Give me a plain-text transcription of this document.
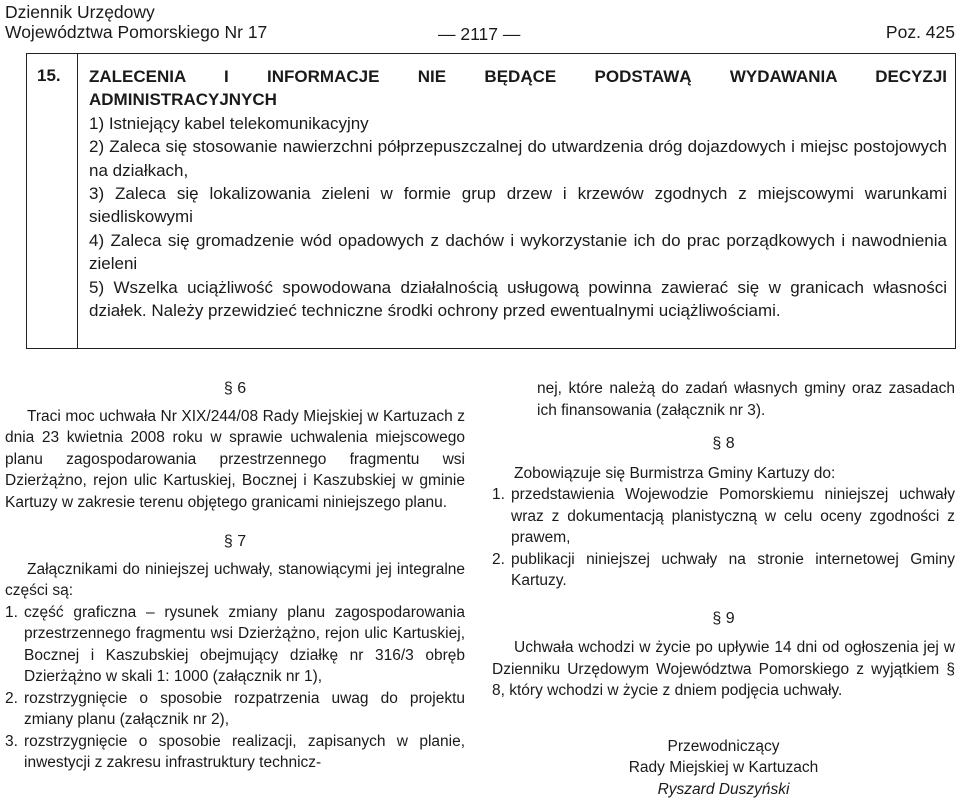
Dziennik Urzędowy
Województwa Pomorskiego Nr 17	— 2117 —	Poz. 425
15. ZALECENIA I INFORMACJE NIE BĘDĄCE PODSTAWĄ WYDAWANIA DECYZJI
ADMINISTRACYJNYCH

1) Istniejący kabel telekomunikacyjny

2) Zaleca się stosowanie nawierzchni półprzepuszczalnej do utwardzenia dróg dojazdowych i miejsc postojowych na działkach,

3) Zaleca się lokalizowania zieleni w formie grup drzew i krzewów zgodnych z miejscowymi warunkami siedliskowymi

4) Zaleca się gromadzenie wód opadowych z dachów i wykorzystanie ich do prac porządkowych i nawodnienia zieleni

5) Wszelka uciążliwość spowodowana działalnością usługową powinna zawierać się w granicach własności działek. Należy przewidzieć techniczne środki ochrony przed ewentualnymi uciążliwościami.

§ 6
Traci moc uchwała Nr XIX/244/08 Rady Miejskiej w Kartuzach z dnia 23 kwietnia 2008 roku w sprawie uchwalenia miejscowego planu zagospodarowania przestrzennego fragmentu wsi Dzierżążno, rejon ulic Kartuskiej, Bocznej i Kaszubskiej w gminie Kartuzy w zakresie terenu objętego granicami niniejszego planu.
§ 7
Załącznikami do niniejszej uchwały, stanowiącymi jej integralne części są:
1. część graficzna – rysunek zmiany planu zagospodarowania przestrzennego fragmentu wsi Dzierżążno, rejon ulic Kartuskiej, Bocznej i Kaszubskiej obejmujący działkę nr 316/3 obręb Dzierżążno w skali 1: 1000 (załącznik nr 1),
2. rozstrzygnięcie o sposobie rozpatrzenia uwag do projektu zmiany planu (załącznik nr 2),
3. rozstrzygnięcie o sposobie realizacji, zapisanych w planie, inwestycji z zakresu infrastruktury technicz-
nej, które należą do zadań własnych gminy oraz zasadach ich finansowania (załącznik nr 3).
§ 8
Zobowiązuje się Burmistrza Gminy Kartuzy do:
1. przedstawienia Wojewodzie Pomorskiemu niniejszej uchwały wraz z dokumentacją planistyczną w celu oceny zgodności z prawem,
2. publikacji niniejszej uchwały na stronie internetowej Gminy Kartuzy.
§ 9
Uchwała wchodzi w życie po upływie 14 dni od ogłoszenia jej w Dzienniku Urzędowym Województwa Pomorskiego z wyjątkiem § 8, który wchodzi w życie z dniem podjęcia uchwały.
Przewodniczący
Rady Miejskiej w Kartuzach
Ryszard Duszyński
